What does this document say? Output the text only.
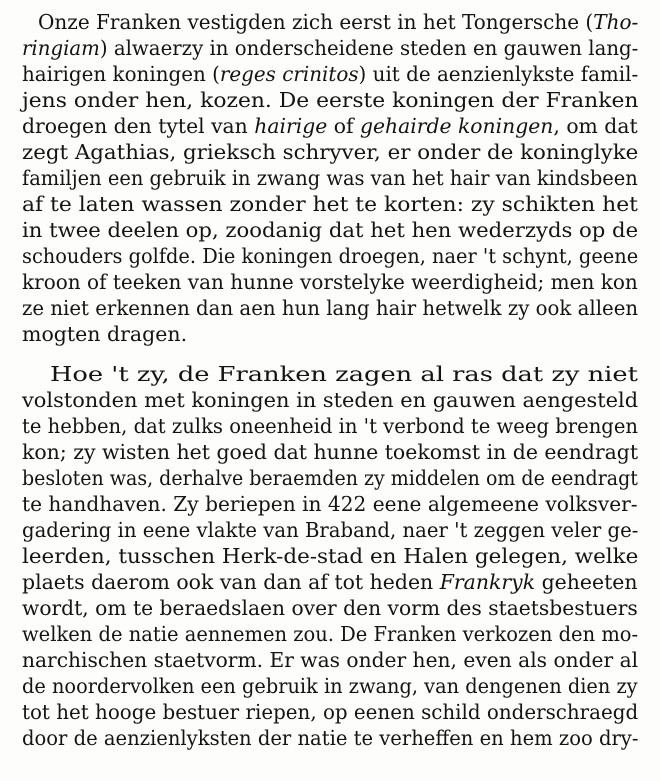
Onze Franken vestigden zich eerst in het Tongersche (Tho-
ringiam) alwaerzy in onderscheidene steden en gauwen lang-
hairigen koningen (reges crinitos) uit de aenzienlykste famil-
jens onder hen, kozen. De eerste koningen der Franken
droegen den tytel van hairige of gehairde koningen, om dat
zegt Agathias, grieksch schryver, er onder de koninglyke
familjen een gebruik in zwang was van het hair van kindsbeen
af te laten wassen zonder het te korten: zy schikten het
in twee deelen op, zoodanig dat het hen wederzyds op de
schouders golfde. Die koningen droegen, naer 't schynt, geene
kroon of teeken van hunne vorstelyke weerdigheid; men kon
ze niet erkennen dan aen hun lang hair hetwelk zy ook alleen
mogten dragen.
Hoe 't zy, de Franken zagen al ras dat zy niet
volstonden met koningen in steden en gauwen aengesteld
te hebben, dat zulks oneenheid in 't verbond te weeg brengen
kon; zy wisten het goed dat hunne toekomst in de eendragt
besloten was, derhalve beraemden zy middelen om de eendragt
te handhaven. Zy beriepen in 422 eene algemeene volksver-
gadering in eene vlakte van Braband, naer 't zeggen veler ge-
leerden, tusschen Herk-de-stad en Halen gelegen, welke
plaets daerom ook van dan af tot heden Frankryk geheeten
wordt, om te beraedslaen over den vorm des staetsbestuers
welken de natie aennemen zou. De Franken verkozen den mo-
narchischen staetvorm. Er was onder hen, even als onder al
de noordervolken een gebruik in zwang, van dengenen dien zy
tot het hooge bestuer riepen, op eenen schild onderschraegd
door de aenzienlyksten der natie te verheffen en hem zoo dry-
